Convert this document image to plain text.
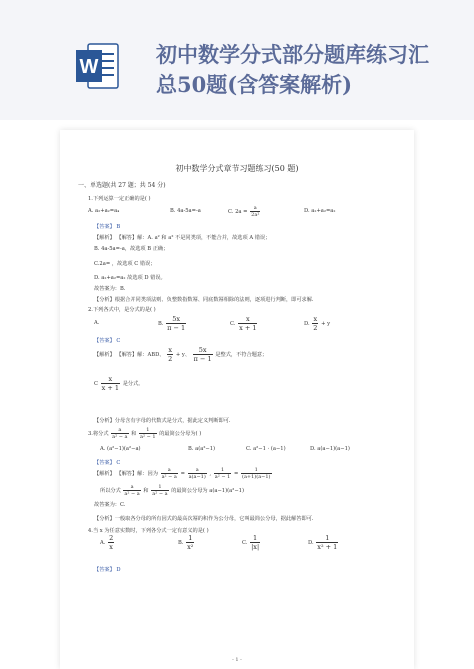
W	初中数学分式部分题库练习汇
总50题(含答案解析)
初中数学分式章节习题练习(50 题)
一、单选题(共 27 题；共 54 分)
1.下列运算一定正确的是( )
A. a₂+a₂=a₄	B. 4a-5a=-a	C. $2a = \frac{a}{\text{2a²}}$	D. a₂+a₂=a₂
【答案】 B
【解析】 【解答】解：A. a² 和 a² 不是同类项，不能合并，故选项 A 错误；
B. 4a-5a=-a，故选项 B 正确；
C.2a= ，故选项 C 错误；
D. a₂+a₂=a₂ 故选项 D 错误。
故答案为：B.
【分析】根据合并同类项法则、负整数指数幂、同底数幂相除的法则，逐项进行判断，即可求解.
2.下列各式中，是分式的是( )
A.	B. $\frac{5x}{\pi - 1}$	C. $\frac{x}{x + 1}$	D. $\frac{x}{2} + y$
【答案】 C
【解析】 【解答】解：ABD、 $\frac{x}{2} + y$、 $\frac{5x}{\pi - 1}$ 是整式，不符合题意；
C $\frac{x}{x + 1}$ 是分式。
【分析】分母含有字母的代数式是分式，据此定义判断即可.
3.将分式 $\frac{a}{\text{a² − a}}$ 和 $\frac{1}{\text{a² − 1}}$ 的最简公分母为( )
A. (a²−1)(a²−a)	B. a(a²−1)	C. a²−1 · (a−1)	D. a(a−1)(a−1)
【答案】 C
【解析】 【解答】解：因为 $\frac{a}{\text{a² − a}} = \frac{a}{a(a-1)}$ , $\frac{1}{\text{a² − 1}} = \frac{1}{(a+1)(a-1)}$
所以分式 $\frac{a}{\text{a² − a}}$ 和 $\frac{1}{\text{a² − a}}$ 的最简公分母为 a(a−1)(a²−1)
故答案为：C.
【分析】一般取各分母的所有因式的最高次幂的积作为公分母，它叫最简公分母，据此解答即可.
4.当 x 为任意实数时，下列各分式一定有意义的是( )
A. $\frac{2}{x}$	B. $\frac{1}{\text{x²}}$	C. $\frac{1}{|x|}$	D. $\frac{1}{\text{x² + 1}}$
【答案】 D
- 1 -
